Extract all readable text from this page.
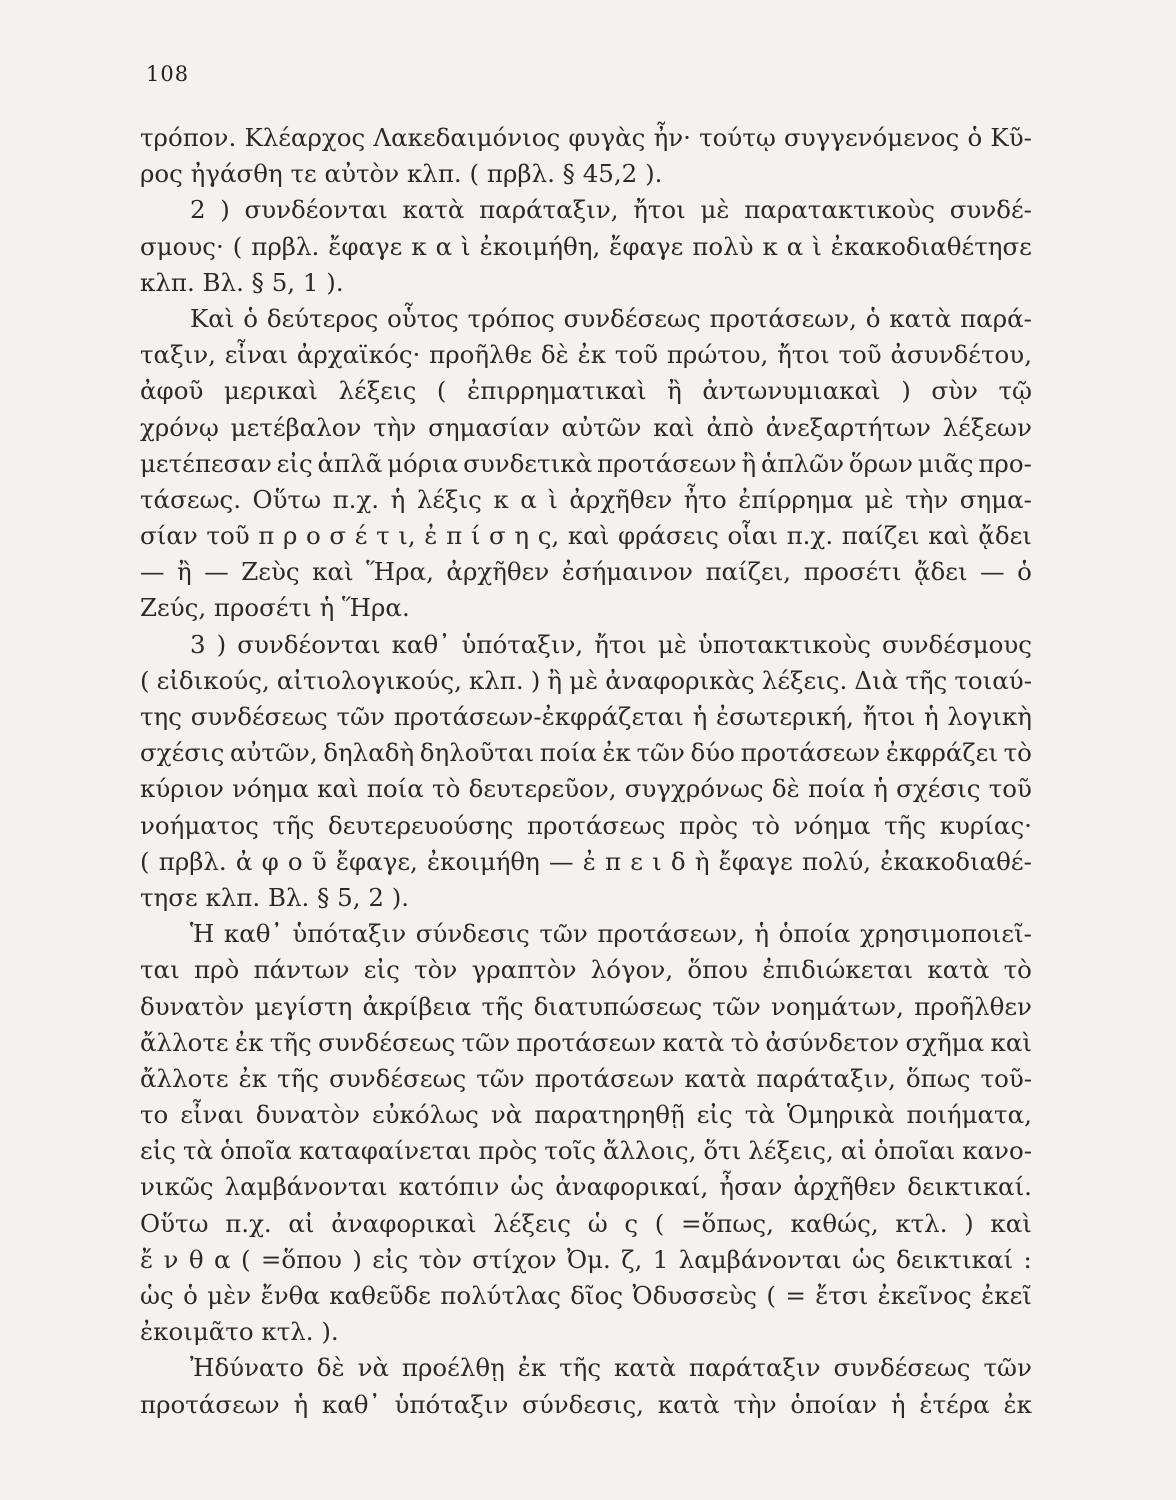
108
τρόπον. Κλέαρχος Λακεδαιμόνιος φυγὰς ἦν· τούτῳ συγγενόμενος ὁ Κῦ-
ρος
ἠγάσθη
τε
αὐτὸν
κλπ.
(
πρβλ.
§
45,2
).
2 ) συνδέονται κατὰ παράταξιν, ἤτοι μὲ παρατακτικοὺς συνδέ-
σμους· ( πρβλ. ἔφαγε κ α ὶ ἐκοιμήθη, ἔφαγε πολὺ κ α ὶ ἐκακοδιαθέτησε
κλπ.
Βλ.
§
5,
1
).
Καὶ ὁ δεύτερος οὗτος τρόπος συνδέσεως προτάσεων, ὁ κατὰ παρά-
ταξιν, εἶναι ἀρχαϊκός· προῆλθε δὲ ἐκ τοῦ πρώτου, ἤτοι τοῦ ἀσυνδέτου,
ἀφοῦ μερικαὶ λέξεις ( ἐπιρρηματικαὶ ἢ ἀντωνυμιακαὶ ) σὺν τῷ
χρόνῳ μετέβαλον τὴν σημασίαν αὐτῶν καὶ ἀπὸ ἀνεξαρτήτων λέξεων
μετέπεσαν εἰς ἁπλᾶ μόρια συνδετικὰ προτάσεων ἢ ἁπλῶν ὅρων μιᾶς προ-
τάσεως. Οὕτω π.χ. ἡ λέξις κ α ὶ ἀρχῆθεν ἦτο ἐπίρρημα μὲ τὴν σημα-
σίαν τοῦ π ρ ο σ έ τ ι, ἐ π ί σ η ς, καὶ φράσεις οἷαι π.χ. παίζει καὶ ᾄδει
— ἢ — Ζεὺς καὶ Ἥρα, ἀρχῆθεν ἐσήμαινον παίζει, προσέτι ᾄδει — ὁ
Ζεύς,
προσέτι
ἡ
Ἥρα.
3 ) συνδέονται καθ᾽ ὑπόταξιν, ἤτοι μὲ ὑποτακτικοὺς συνδέσμους
( εἰδικούς, αἰτιολογικούς, κλπ. ) ἢ μὲ ἀναφορικὰς λέξεις. Διὰ τῆς τοιαύ-
της συνδέσεως τῶν προτάσεων-ἐκφράζεται ἡ ἐσωτερική, ἤτοι ἡ λογικὴ
σχέσις αὐτῶν, δηλαδὴ δηλοῦται ποία ἐκ τῶν δύο προτάσεων ἐκφράζει τὸ
κύριον νόημα καὶ ποία τὸ δευτερεῦον, συγχρόνως δὲ ποία ἡ σχέσις τοῦ
νοήματος τῆς δευτερευούσης προτάσεως πρὸς τὸ νόημα τῆς κυρίας·
( πρβλ. ἀ φ ο ῦ ἔφαγε, ἐκοιμήθη — ἐ π ε ι δ ὴ ἔφαγε πολύ, ἐκακοδιαθέ-
τησε
κλπ.
Βλ.
§
5,
2
).
Ἡ καθ᾽ ὑπόταξιν σύνδεσις τῶν προτάσεων, ἡ ὁποία χρησιμοποιεῖ-
ται πρὸ πάντων εἰς τὸν γραπτὸν λόγον, ὅπου ἐπιδιώκεται κατὰ τὸ
δυνατὸν μεγίστη ἀκρίβεια τῆς διατυπώσεως τῶν νοημάτων, προῆλθεν
ἄλλοτε ἐκ τῆς συνδέσεως τῶν προτάσεων κατὰ τὸ ἀσύνδετον σχῆμα καὶ
ἄλλοτε ἐκ τῆς συνδέσεως τῶν προτάσεων κατὰ παράταξιν, ὅπως τοῦ-
το εἶναι δυνατὸν εὐκόλως νὰ παρατηρηθῇ εἰς τὰ Ὁμηρικὰ ποιήματα,
εἰς τὰ ὁποῖα καταφαίνεται πρὸς τοῖς ἄλλοις, ὅτι λέξεις, αἱ ὁποῖαι κανο-
νικῶς λαμβάνονται κατόπιν ὡς ἀναφορικαί, ἦσαν ἀρχῆθεν δεικτικαί.
Οὕτω π.χ. αἱ ἀναφορικαὶ λέξεις ὡ ς ( =ὅπως, καθώς, κτλ. ) καὶ
ἔ ν θ α ( =ὅπου ) εἰς τὸν στίχον Ὀμ. ζ, 1 λαμβάνονται ὡς δεικτικαί :
ὡς ὁ μὲν ἔνθα καθεῦδε πολύτλας δῖος Ὀδυσσεὺς ( = ἔτσι ἐκεῖνος ἐκεῖ
ἐκοιμᾶτο
κτλ.
).
Ἠδύνατο δὲ νὰ προέλθῃ ἐκ τῆς κατὰ παράταξιν συνδέσεως τῶν
προτάσεων ἡ καθ᾽ ὑπόταξιν σύνδεσις, κατὰ τὴν ὁποίαν ἡ ἑτέρα ἐκ
